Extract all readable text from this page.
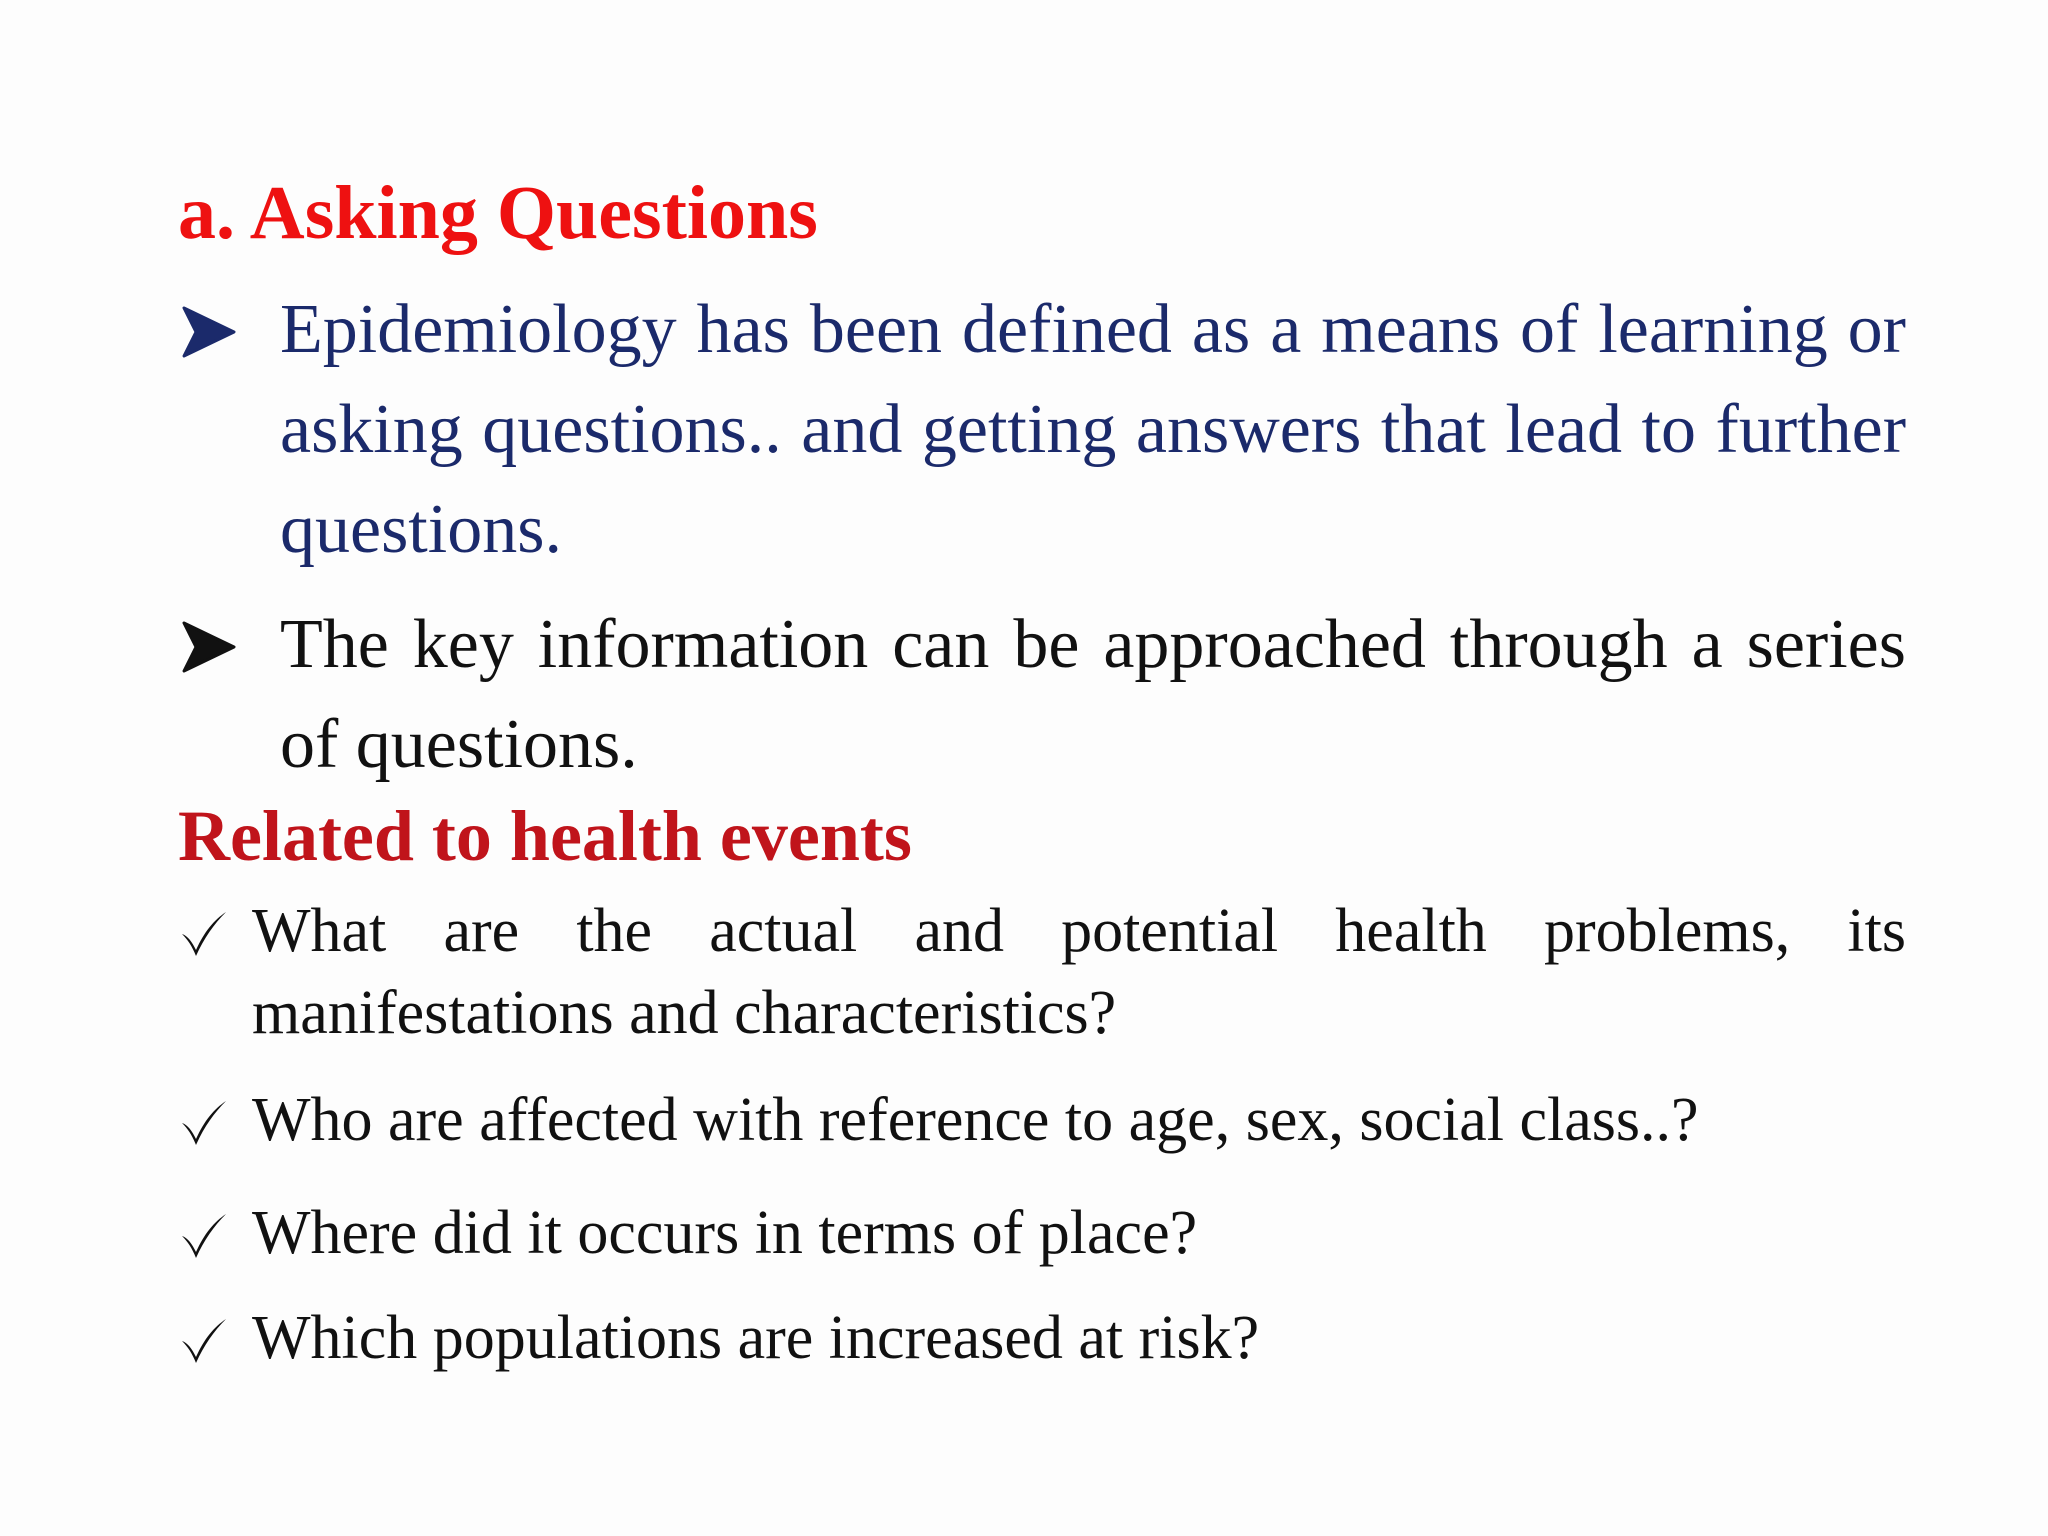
a. Asking Questions
Epidemiology has been defined as a means of learning or asking questions.. and getting answers that lead to further questions.
The key information can be approached through a series of questions.
Related to health events
What are the actual and potential health problems, its manifestations and characteristics?
Who are affected with reference to age, sex, social class..?
Where did it occurs in terms of place?
Which populations are increased at risk?
